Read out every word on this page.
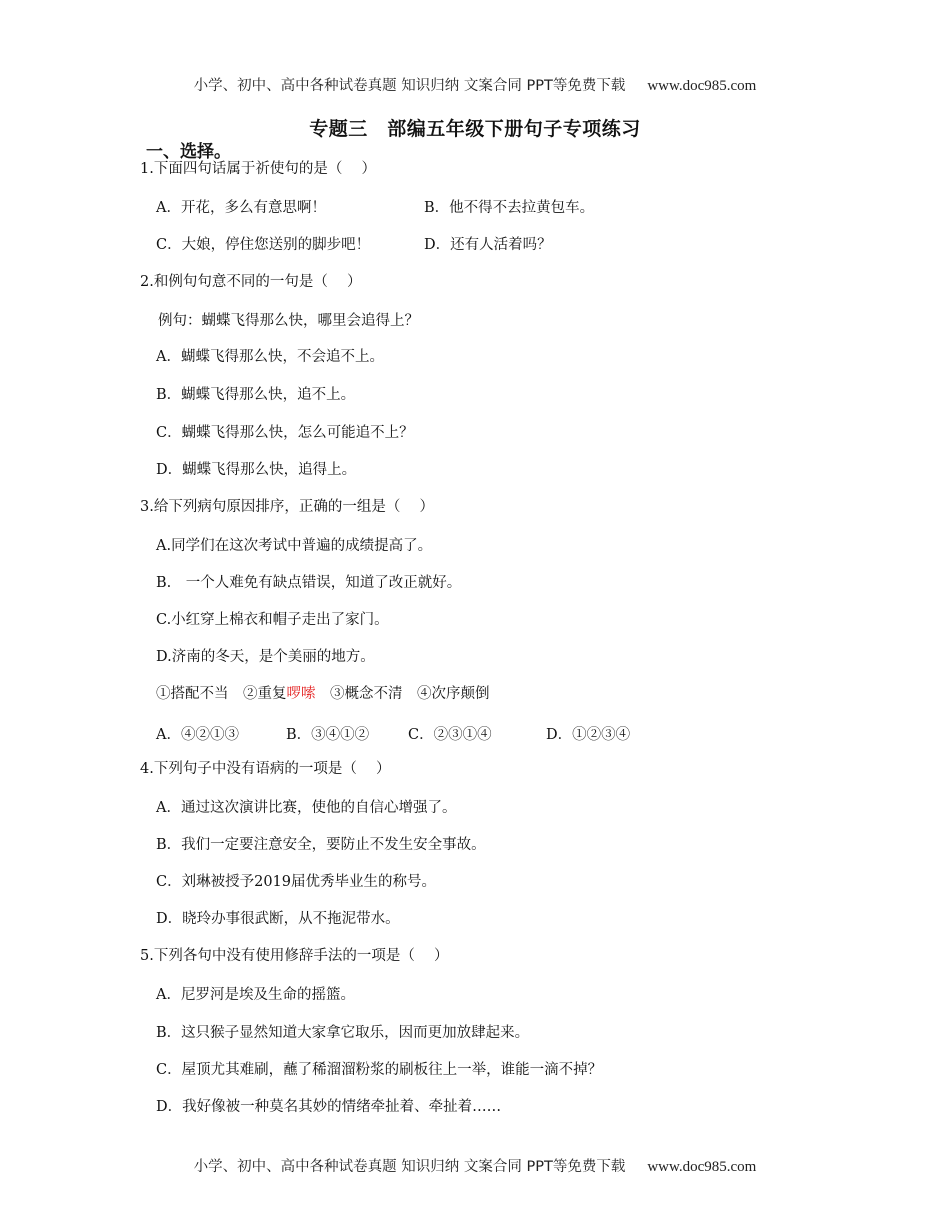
小学、初中、高中各种试卷真题 知识归纳 文案合同 PPT等免费下载 www.doc985.com
专题三　部编五年级下册句子专项练习
一、选择。
1.下面四句话属于祈使句的是（　 ）
A．开花，多么有意思啊！	B．他不得不去拉黄包车。
C．大娘，停住您送别的脚步吧！	D．还有人活着吗？
2.和例句句意不同的一句是（　 ）
例句：蝴蝶飞得那么快，哪里会追得上？
A．蝴蝶飞得那么快，不会追不上。
B．蝴蝶飞得那么快，追不上。
C．蝴蝶飞得那么快，怎么可能追不上？
D．蝴蝶飞得那么快，追得上。
3.给下列病句原因排序，正确的一组是（　 ）
A.同学们在这次考试中普遍的成绩提高了。
B.　一个人难免有缺点错误，知道了改正就好。
C.小红穿上棉衣和帽子走出了家门。
D.济南的冬天，是个美丽的地方。
①搭配不当　②重复啰嗦　③概念不清　④次序颠倒
A．④②①③	B．③④①②	C．②③①④	D．①②③④
4.下列句子中没有语病的一项是（　 ）
A．通过这次演讲比赛，使他的自信心增强了。
B．我们一定要注意安全，要防止不发生安全事故。
C．刘琳被授予2019届优秀毕业生的称号。
D．晓玲办事很武断，从不拖泥带水。
5.下列各句中没有使用修辞手法的一项是（　 ）
A．尼罗河是埃及生命的摇篮。
B．这只猴子显然知道大家拿它取乐，因而更加放肆起来。
C．屋顶尤其难刷，蘸了稀溜溜粉浆的刷板往上一举，谁能一滴不掉？
D．我好像被一种莫名其妙的情绪牵扯着、牵扯着……
小学、初中、高中各种试卷真题 知识归纳 文案合同 PPT等免费下载 www.doc985.com
